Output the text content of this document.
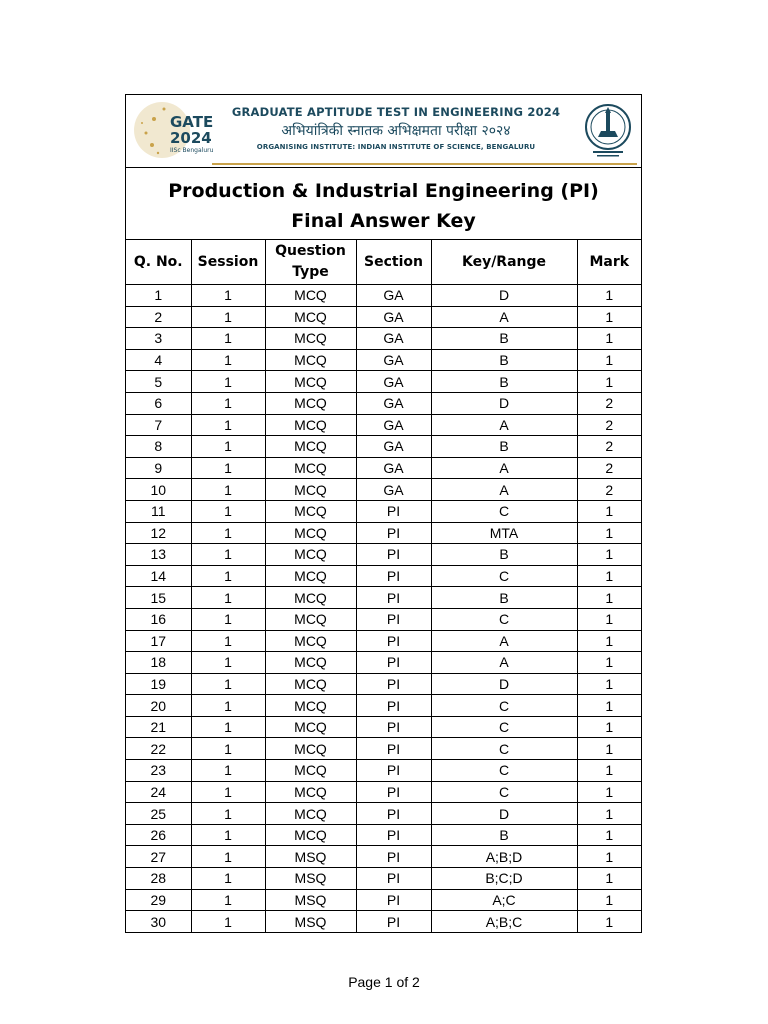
GATE
2024
IISc Bengaluru
GRADUATE APTITUDE TEST IN ENGINEERING 2024
अभियांत्रिकी स्नातक अभिक्षमता परीक्षा २०२४
ORGANISING INSTITUTE: INDIAN INSTITUTE OF SCIENCE, BENGALURU
Production & Industrial Engineering (PI)
Final Answer Key
Q. No.	Session	Question Type	Section	Key/Range	Mark
1	1	MCQ	GA	D	1
2	1	MCQ	GA	A	1
3	1	MCQ	GA	B	1
4	1	MCQ	GA	B	1
5	1	MCQ	GA	B	1
6	1	MCQ	GA	D	2
7	1	MCQ	GA	A	2
8	1	MCQ	GA	B	2
9	1	MCQ	GA	A	2
10	1	MCQ	GA	A	2
11	1	MCQ	PI	C	1
12	1	MCQ	PI	MTA	1
13	1	MCQ	PI	B	1
14	1	MCQ	PI	C	1
15	1	MCQ	PI	B	1
16	1	MCQ	PI	C	1
17	1	MCQ	PI	A	1
18	1	MCQ	PI	A	1
19	1	MCQ	PI	D	1
20	1	MCQ	PI	C	1
21	1	MCQ	PI	C	1
22	1	MCQ	PI	C	1
23	1	MCQ	PI	C	1
24	1	MCQ	PI	C	1
25	1	MCQ	PI	D	1
26	1	MCQ	PI	B	1
27	1	MSQ	PI	A;B;D	1
28	1	MSQ	PI	B;C;D	1
29	1	MSQ	PI	A;C	1
30	1	MSQ	PI	A;B;C	1
Page 1 of 2
